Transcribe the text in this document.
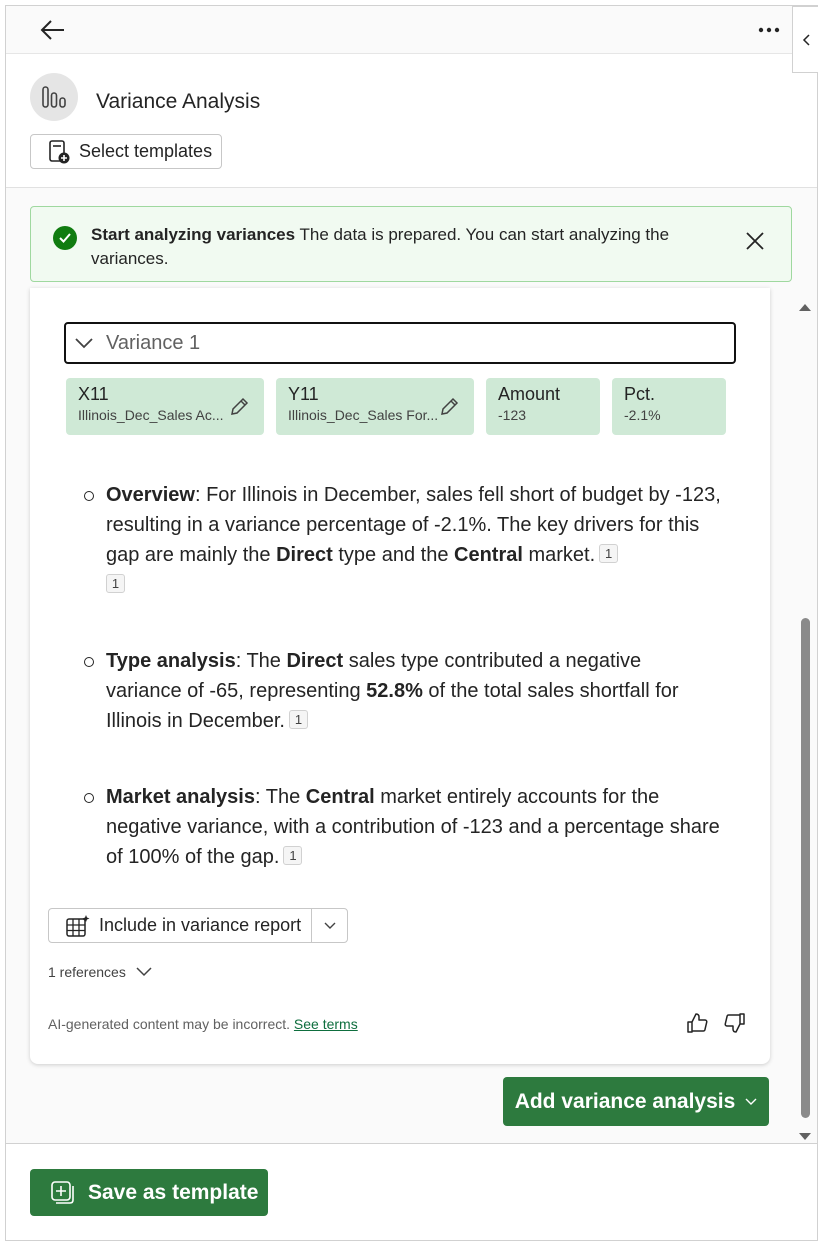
Variance Analysis
Select templates
Start analyzing variances The data is prepared. You can start analyzing the variances.
Variance 1
X11
Illinois_Dec_Sales Ac...
Y11
Illinois_Dec_Sales For...
Amount
-123
Pct.
-2.1%
Overview: For Illinois in December, sales fell short of budget by -123, resulting in a variance percentage of -2.1%. The key drivers for this gap are mainly the Direct type and the Central market. 1
1
Type analysis: The Direct sales type contributed a negative variance of -65, representing 52.8% of the total sales shortfall for Illinois in December. 1
Market analysis: The Central market entirely accounts for the negative variance, with a contribution of -123 and a percentage share of 100% of the gap. 1
Include in variance report
1 references
AI-generated content may be incorrect. See terms
Add variance analysis
Save as template
